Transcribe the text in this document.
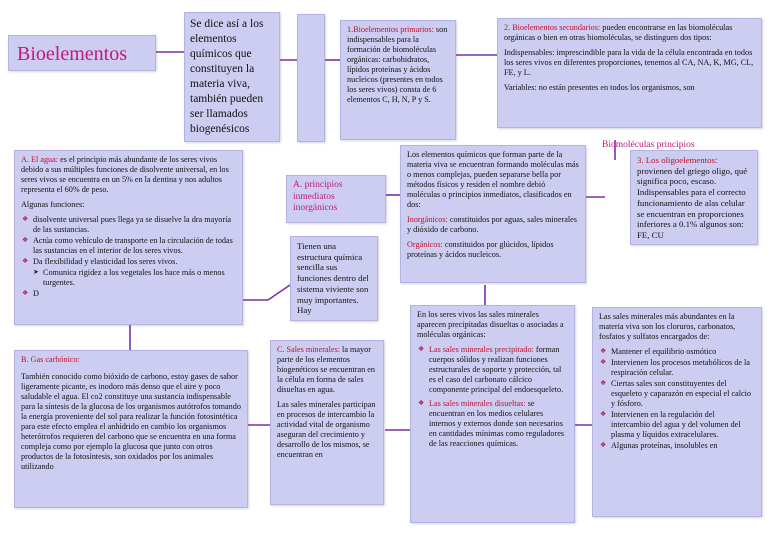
Bioelementos
Se dice así a los elementos químicos que constituyen la materia viva, también pueden ser llamados biogenésicos
1.Bioelementos primarios: son indispensables para la formación de biomoléculas orgánicas: carbohidratos, lípidos proteínas y ácidos nucleicos (presentes en todos los seres vivos) consta de 6 elementos C, H, N, P y S.

2. Bioelementos secundarios: pueden encontrarse en las biomoléculas orgánicas o bien en otras biomoléculas, se distinguen dos tipos:

Indispensables: imprescindible para la vida de la célula encontrada en todos los seres vivos en diferentes proporciones, tenemos al CA, NA, K, MG, CL, FE, y L.

Variables: no están presentes en todos los organismos, son

Biomoléculas principios
3. Los oligoelementos: provienen del griego oligo, qué significa poco, escaso. Indispensables para el correcto funcionamiento de alas celular se encuentran en proporciones inferiores a 0.1% algunos son: FE, CU

A. El agua: es el principio más abundante de los seres vivos debido a sus múltiples funciones de disolvente universal, en los seres vivos se encuentra en un 5% en la dentina y nos adultos representa el 60% de peso.

Algunas funciones:

❖ disolvente universal pues llega ya se disuelve la dra mayoría de las sustancias.
❖ Actúa como vehículo de transporte en la circulación de todas las sustancias en el interior de los seres vivos.
❖ Da flexibilidad y elasticidad los seres vivos.
➤ Comunica rigidez a los vegetales los hace más o menos turgentes.
❖ D
A. principios inmediatos inorgánicos

Los elementos químicos que forman parte de la materia viva se encuentran formando moléculas más o menos complejas, pueden separarse bella por métodos físicos y residen el nombre debió moléculas o principios inmediatos, clasificados en dos:

Inorgánicos: constituidos por aguas, sales minerales y dióxido de carbono.

Orgánicos: constituidos por glúcidos, lípidos proteínas y ácidos nucleicos.

Tienen una estructura química sencilla sus funciones dentro del sistema viviente son muy importantes. Hay

B. Gas carbónico:

También conocido como bióxido de carbono, estoy gases de sabor ligeramente picante, es inodoro más denso que el aire y poco saludable el agua. El co2 constituye una sustancia indispensable para la síntesis de la glucosa de los organismos autótrofos tomando la energía proveniente del sol para realizar la función fotosintética para este efecto emplea el anhídrido en cambio los organismos heterótrofos requieren del carbono que se encuentra en una forma compleja como por ejemplo la glucosa que junto con otros productos de la fotosíntesis, son oxidados por los animales utilizando

C. Sales minerales: la mayor parte de los elementos biogenéticos se encuentran en la célula en forma de sales disueltas en agua.

Las sales minerales participan en procesos de intercambio la actividad vital de organismo aseguran del crecimiento y desarrollo de los mismos, se encuentran en

En los seres vivos las sales minerales aparecen precipitadas disueltas o asociadas a moléculas orgánicas:

❖ Las sales minerales precipitado: forman cuerpos sólidos y realizan funciones estructurales de soporte y protección, tal es el caso del carbonato cálcico componente principal del endoesqueleto.
❖ Las sales minerales disueltas: se encuentran en los medios celulares internos y externos donde son necesarios en cantidades mínimas como reguladores de las reacciones químicas.

Las sales minerales más abundantes en la materia viva son los cloruros, carbonatos, fosfatos y sulfatos encargados de:

❖ Mantener el equilibrio osmótico
❖ Intervienen los procesos metabólicos de la respiración celular.
❖ Ciertas sales son constituyentes del esqueleto y caparazón en especial el calcio y fósforo.
❖ Intervienen en la regulación del intercambio del agua y del volumen del plasma y líquidos extracelulares.
❖ Algunas proteínas, insolubles en
